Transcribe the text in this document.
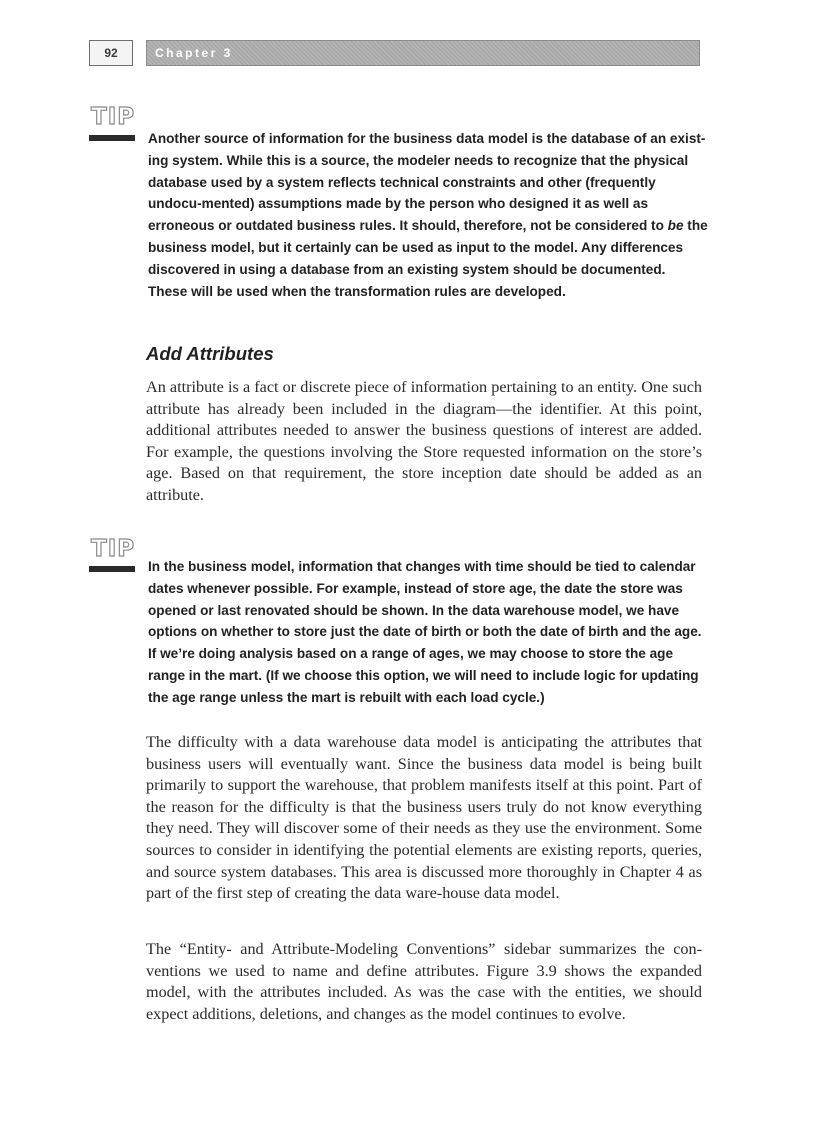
92	Chapter 3
TIP

Another source of information for the business data model is the database of an exist-ing system. While this is a source, the modeler needs to recognize that the physical database used by a system reflects technical constraints and other (frequently undocu-mented) assumptions made by the person who designed it as well as erroneous or outdated business rules. It should, therefore, not be considered to be the business model, but it certainly can be used as input to the model. Any differences discovered in using a database from an existing system should be documented. These will be used when the transformation rules are developed.

Add Attributes

An attribute is a fact or discrete piece of information pertaining to an entity. One such attribute has already been included in the diagram—the identifier. At this point, additional attributes needed to answer the business questions of interest are added. For example, the questions involving the Store requested information on the store’s age. Based on that requirement, the store inception date should be added as an attribute.

TIP

In the business model, information that changes with time should be tied to calendar dates whenever possible. For example, instead of store age, the date the store was opened or last renovated should be shown. In the data warehouse model, we have options on whether to store just the date of birth or both the date of birth and the age. If we’re doing analysis based on a range of ages, we may choose to store the age range in the mart. (If we choose this option, we will need to include logic for updating the age range unless the mart is rebuilt with each load cycle.)

The difficulty with a data warehouse data model is anticipating the attributes that business users will eventually want. Since the business data model is being built primarily to support the warehouse, that problem manifests itself at this point. Part of the reason for the difficulty is that the business users truly do not know everything they need. They will discover some of their needs as they use the environment. Some sources to consider in identifying the potential elements are existing reports, queries, and source system databases. This area is discussed more thoroughly in Chapter 4 as part of the first step of creating the data ware-house data model.

The “Entity- and Attribute-Modeling Conventions” sidebar summarizes the con-ventions we used to name and define attributes. Figure 3.9 shows the expanded model, with the attributes included. As was the case with the entities, we should expect additions, deletions, and changes as the model continues to evolve.
